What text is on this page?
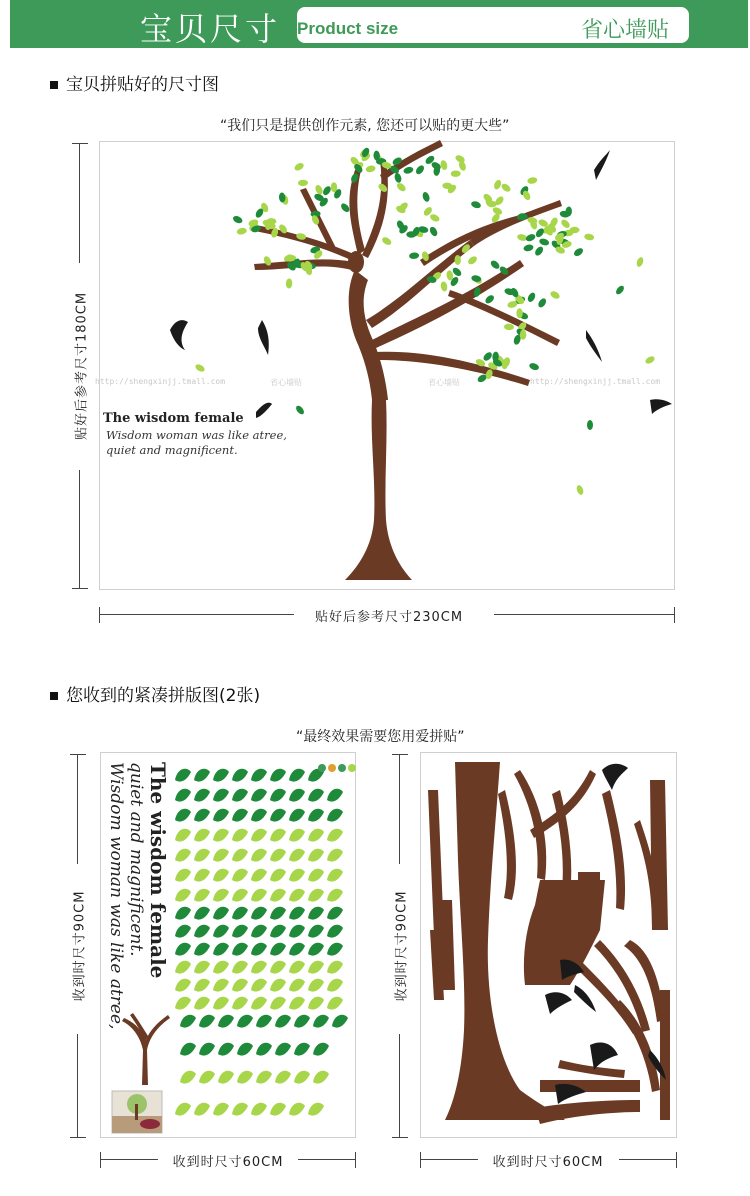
宝贝尺寸 Product size	省心墙贴
宝贝拼贴好的尺寸图
“我们只是提供创作元素, 您还可以贴的更大些”
贴好后参考尺寸180CM http://shengxinjj.tmall.com	省心墙贴	省心墙贴	http://shengxinjj.tmall.com
The wisdom female
Wisdom woman was like atree,
quiet and magnificent.
贴好后参考尺寸230CM
您收到的紧凑拼版图(2张)
“最终效果需要您用爱拼贴”
收到时尺寸90CM	The wisdom female
quiet and magnificent.
Wisdom woman was like atree,
收到时尺寸60CM
收到时尺寸90CM
收到时尺寸60CM
